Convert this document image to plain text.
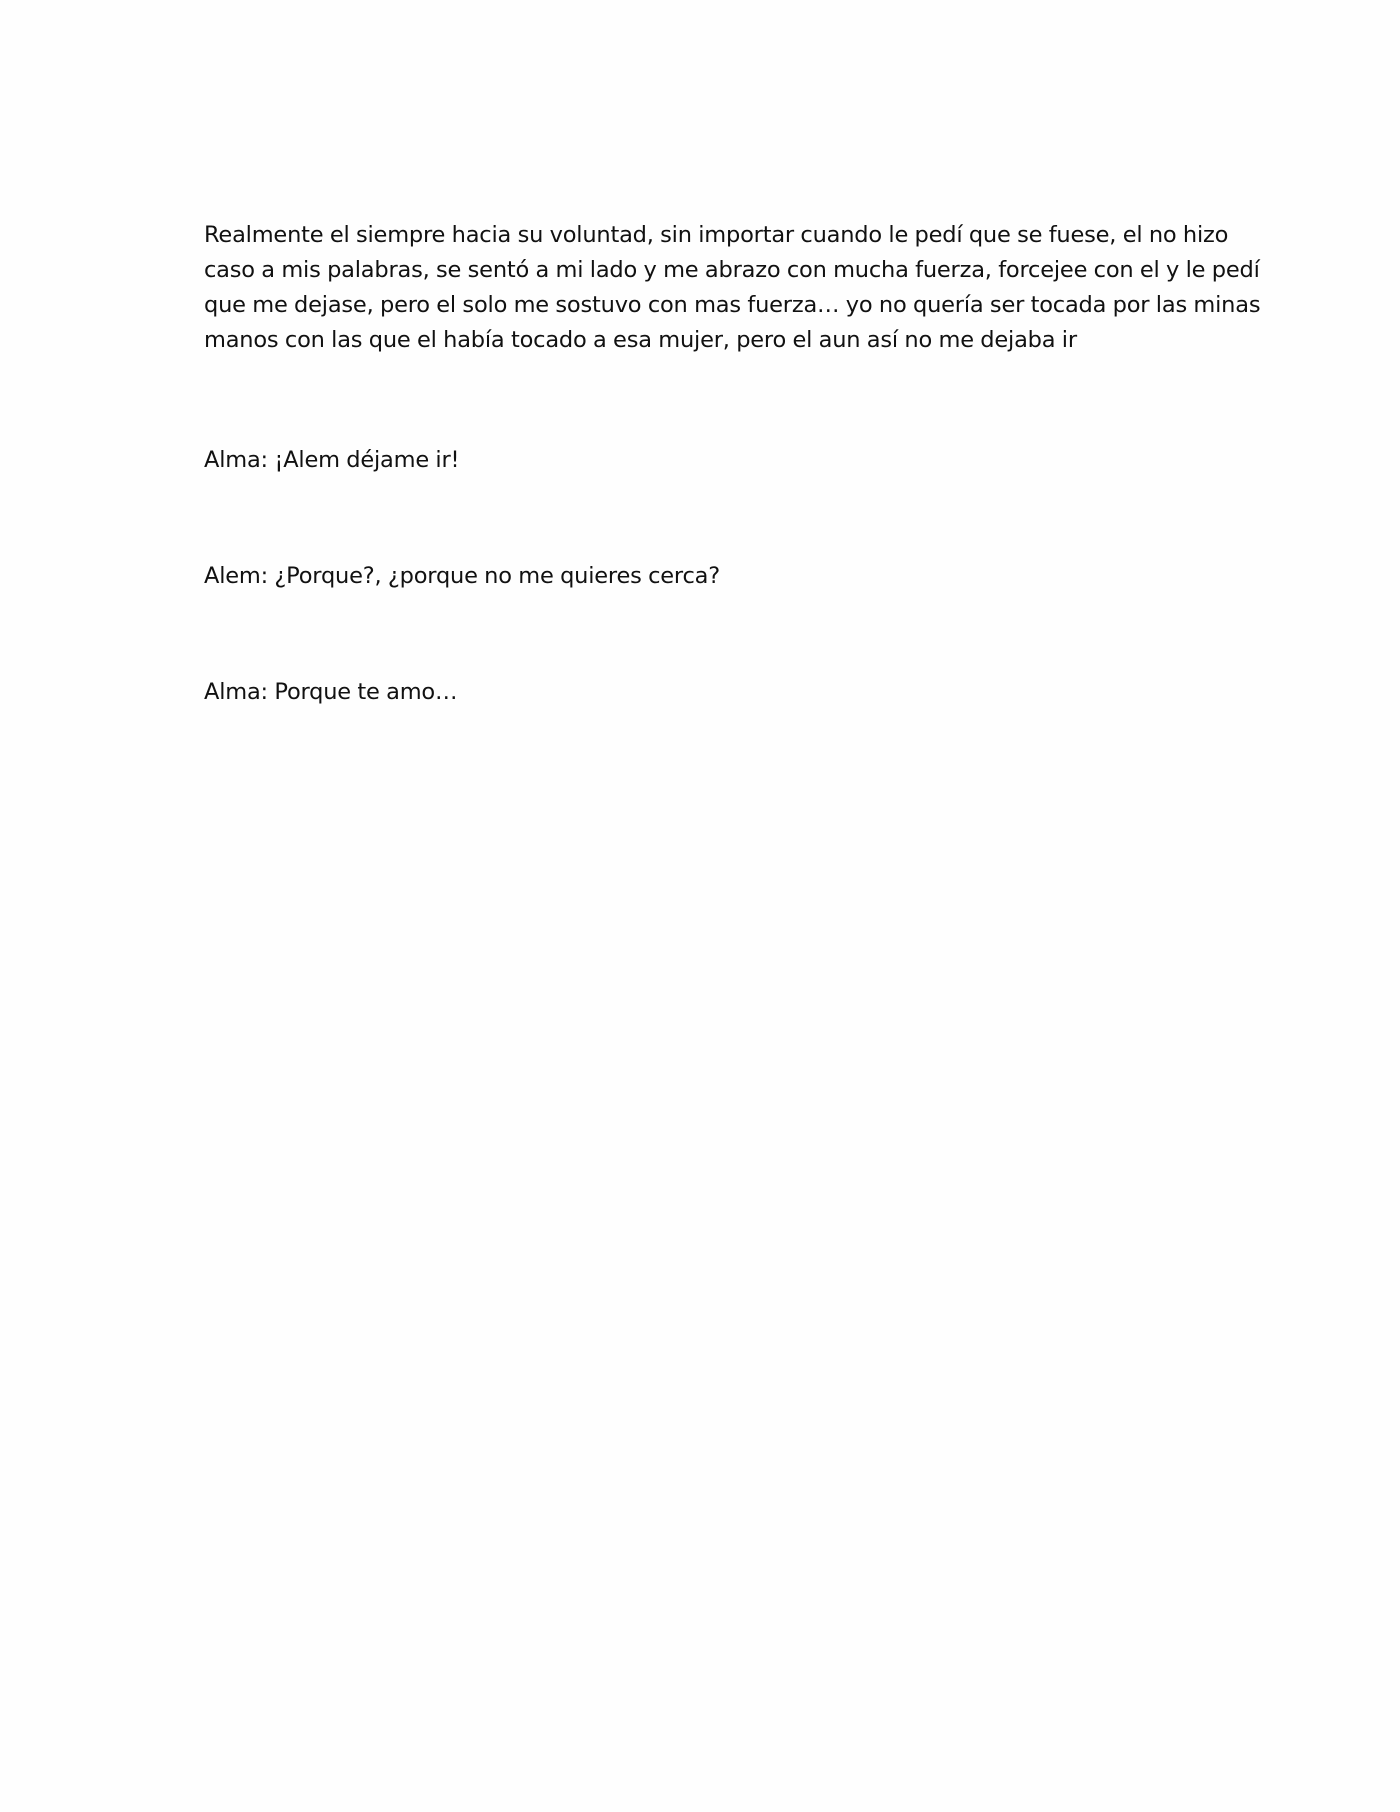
Realmente el siempre hacia su voluntad, sin importar cuando le pedí que se fuese, el no hizo
caso a mis palabras, se sentó a mi lado y me abrazo con mucha fuerza, forcejee con el y le pedí
que me dejase, pero el solo me sostuvo con mas fuerza… yo no quería ser tocada por las minas
manos con las que el había tocado a esa mujer, pero el aun así no me dejaba ir

Alma: ¡Alem déjame ir!

Alem: ¿Porque?, ¿porque no me quieres cerca?

Alma: Porque te amo…
